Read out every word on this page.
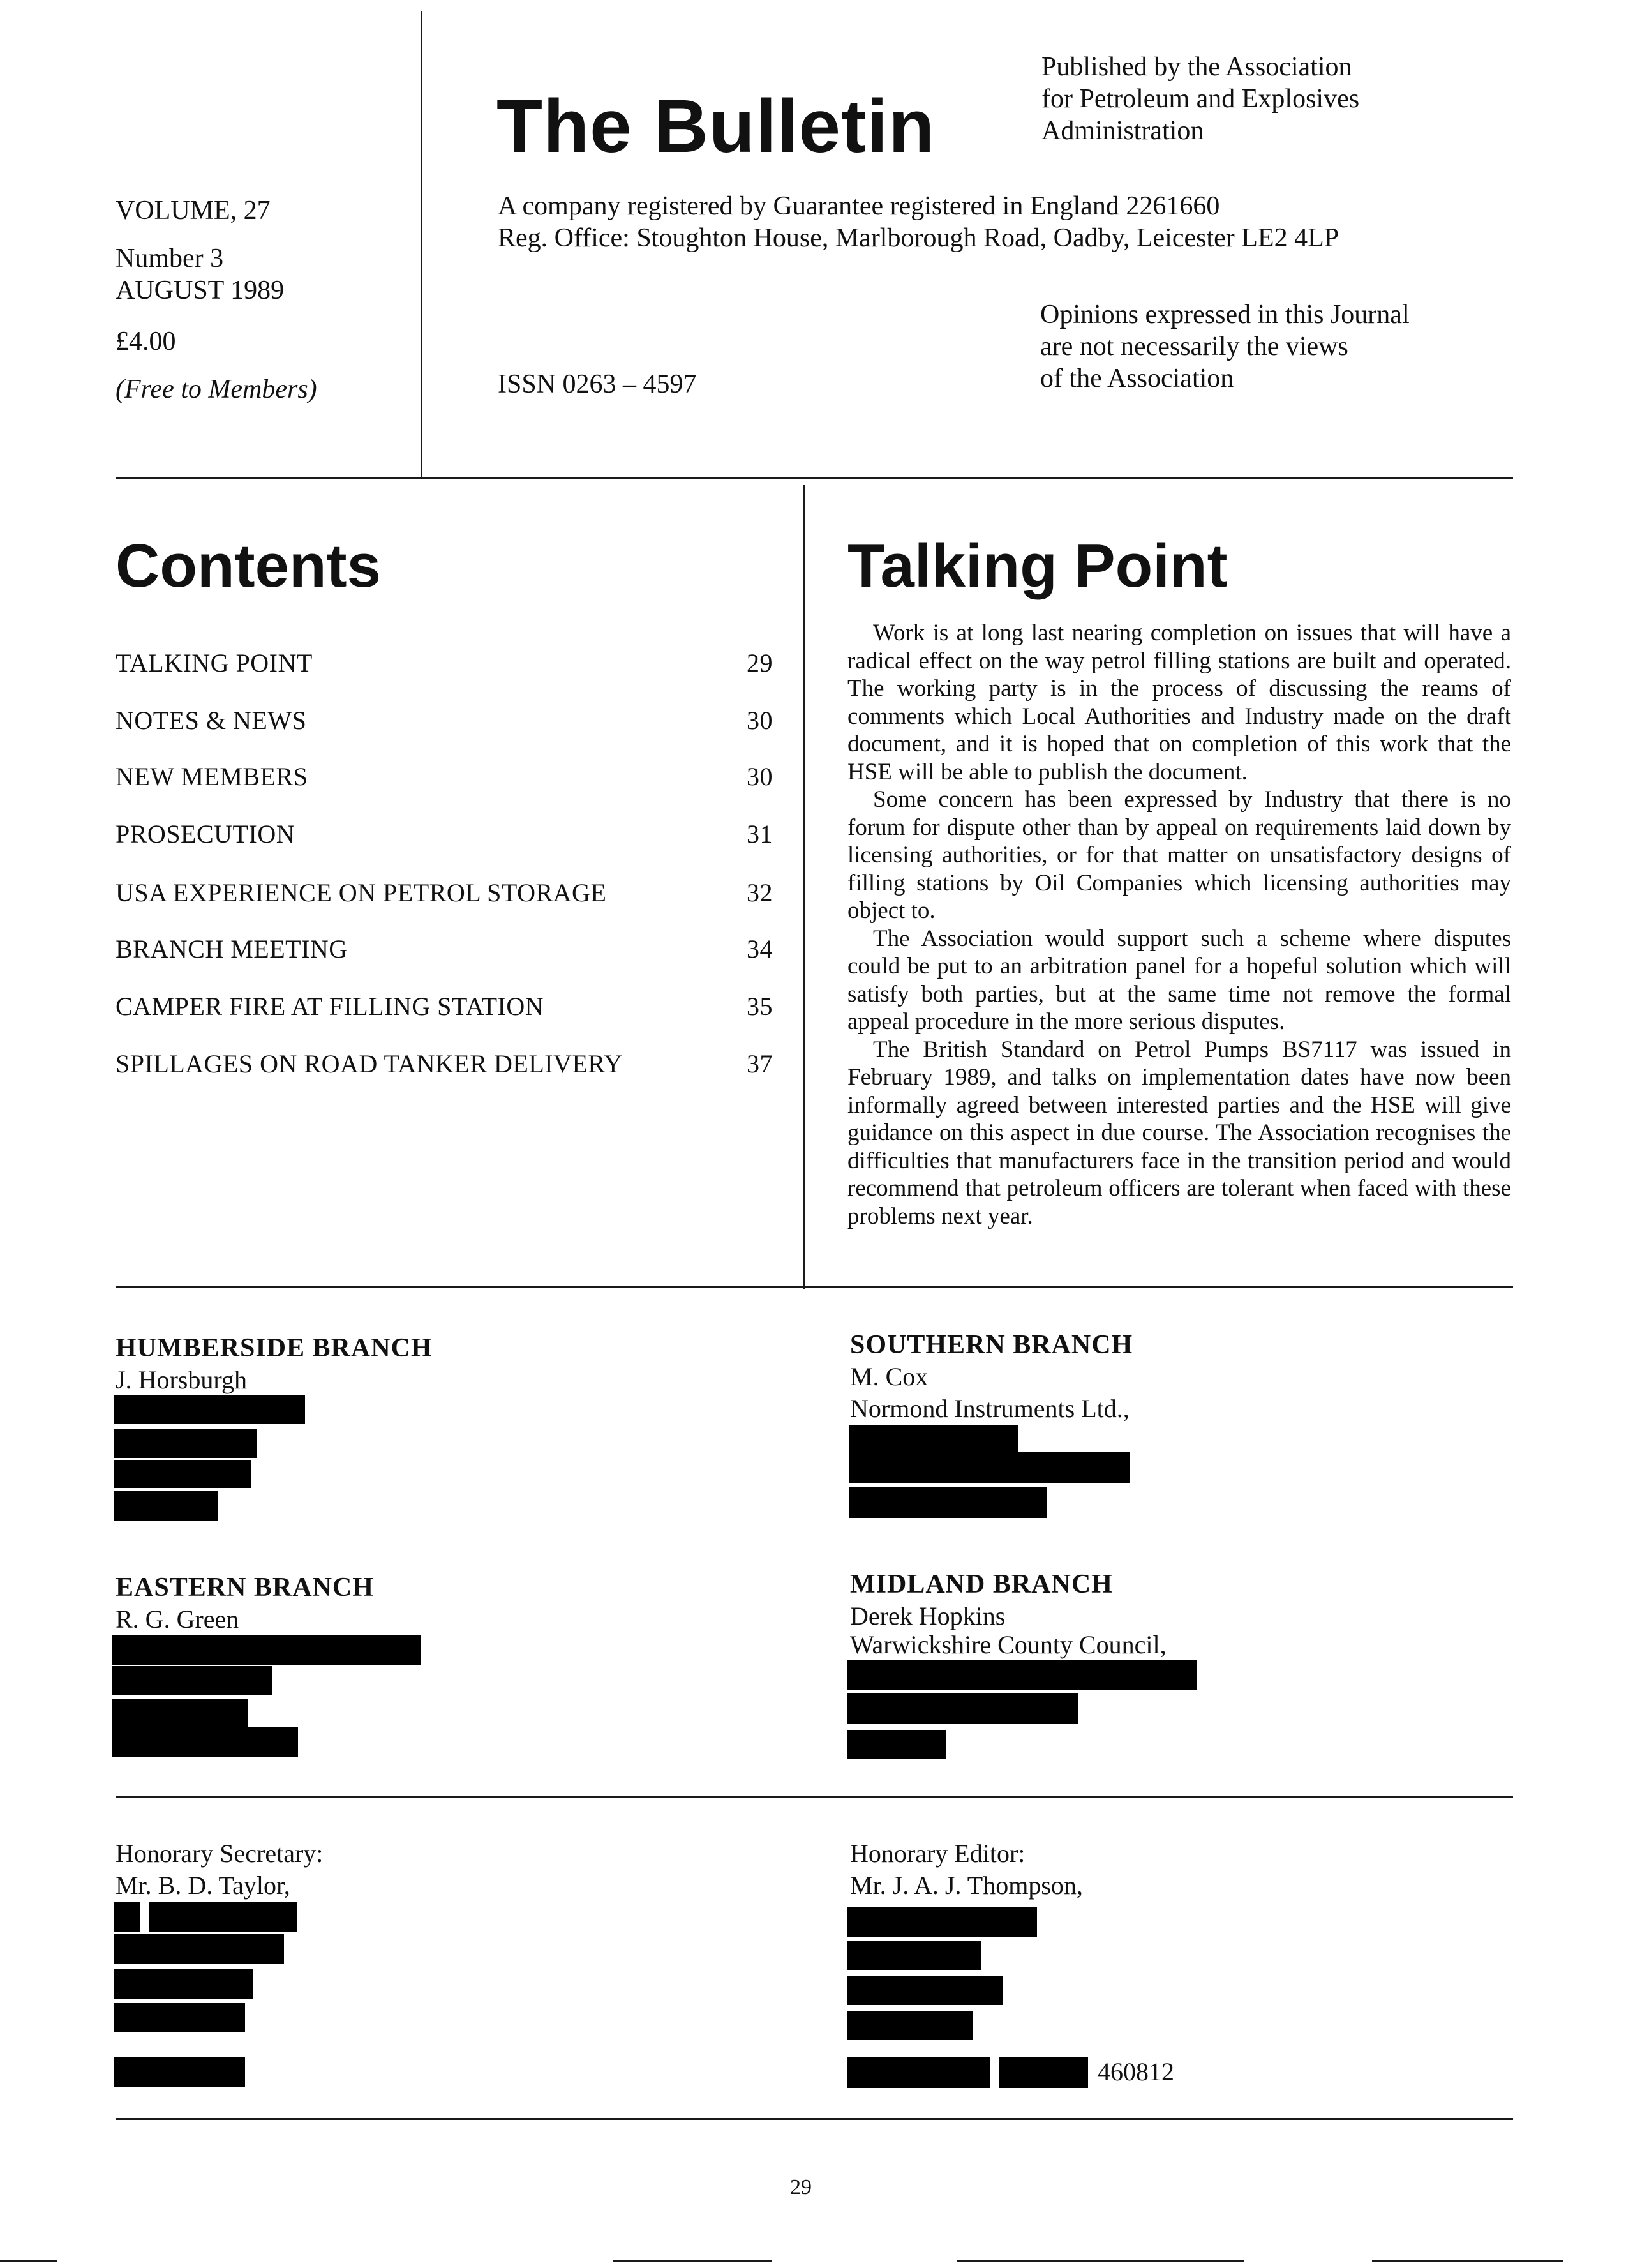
VOLUME, 27
Number 3
AUGUST 1989
£4.00
(Free to Members)
The Bulletin
Published by the Association
for Petroleum and Explosives
Administration
A company registered by Guarantee registered in England 2261660
Reg. Office: Stoughton House, Marlborough Road, Oadby, Leicester LE2 4LP
Opinions expressed in this Journal
are not necessarily the views
of the Association
ISSN 0263 – 4597
Contents
TALKING POINT	29
NOTES & NEWS	30
NEW MEMBERS	30
PROSECUTION	31
USA EXPERIENCE ON PETROL STORAGE	32
BRANCH MEETING	34
CAMPER FIRE AT FILLING STATION	35
SPILLAGES ON ROAD TANKER DELIVERY	37
Talking Point

Work is at long last nearing completion on issues that will have a radical effect on the way petrol filling stations are built and operated. The working party is in the process of discussing the reams of comments which Local Authorities and Industry made on the draft document, and it is hoped that on completion of this work that the HSE will be able to publish the document.

Some concern has been expressed by Industry that there is no forum for dispute other than by appeal on requirements laid down by licensing authorities, or for that matter on unsatisfactory designs of filling stations by Oil Companies which licensing authorities may object to.

The Association would support such a scheme where disputes could be put to an arbitration panel for a hopeful solution which will satisfy both parties, but at the same time not remove the formal appeal procedure in the more serious disputes.

The British Standard on Petrol Pumps BS7117 was issued in February 1989, and talks on implementation dates have now been informally agreed between interested parties and the HSE will give guidance on this aspect in due course. The Association recognises the difficulties that manufacturers face in the transition period and would recommend that petroleum officers are tolerant when faced with these problems next year.

HUMBERSIDE BRANCH
J. Horsburgh
SOUTHERN BRANCH
M. Cox
Normond Instruments Ltd.,
EASTERN BRANCH
R. G. Green
MIDLAND BRANCH
Derek Hopkins
Warwickshire County Council,
Honorary Secretary:
Mr. B. D. Taylor,
Honorary Editor:
Mr. J. A. J. Thompson,
460812
29
